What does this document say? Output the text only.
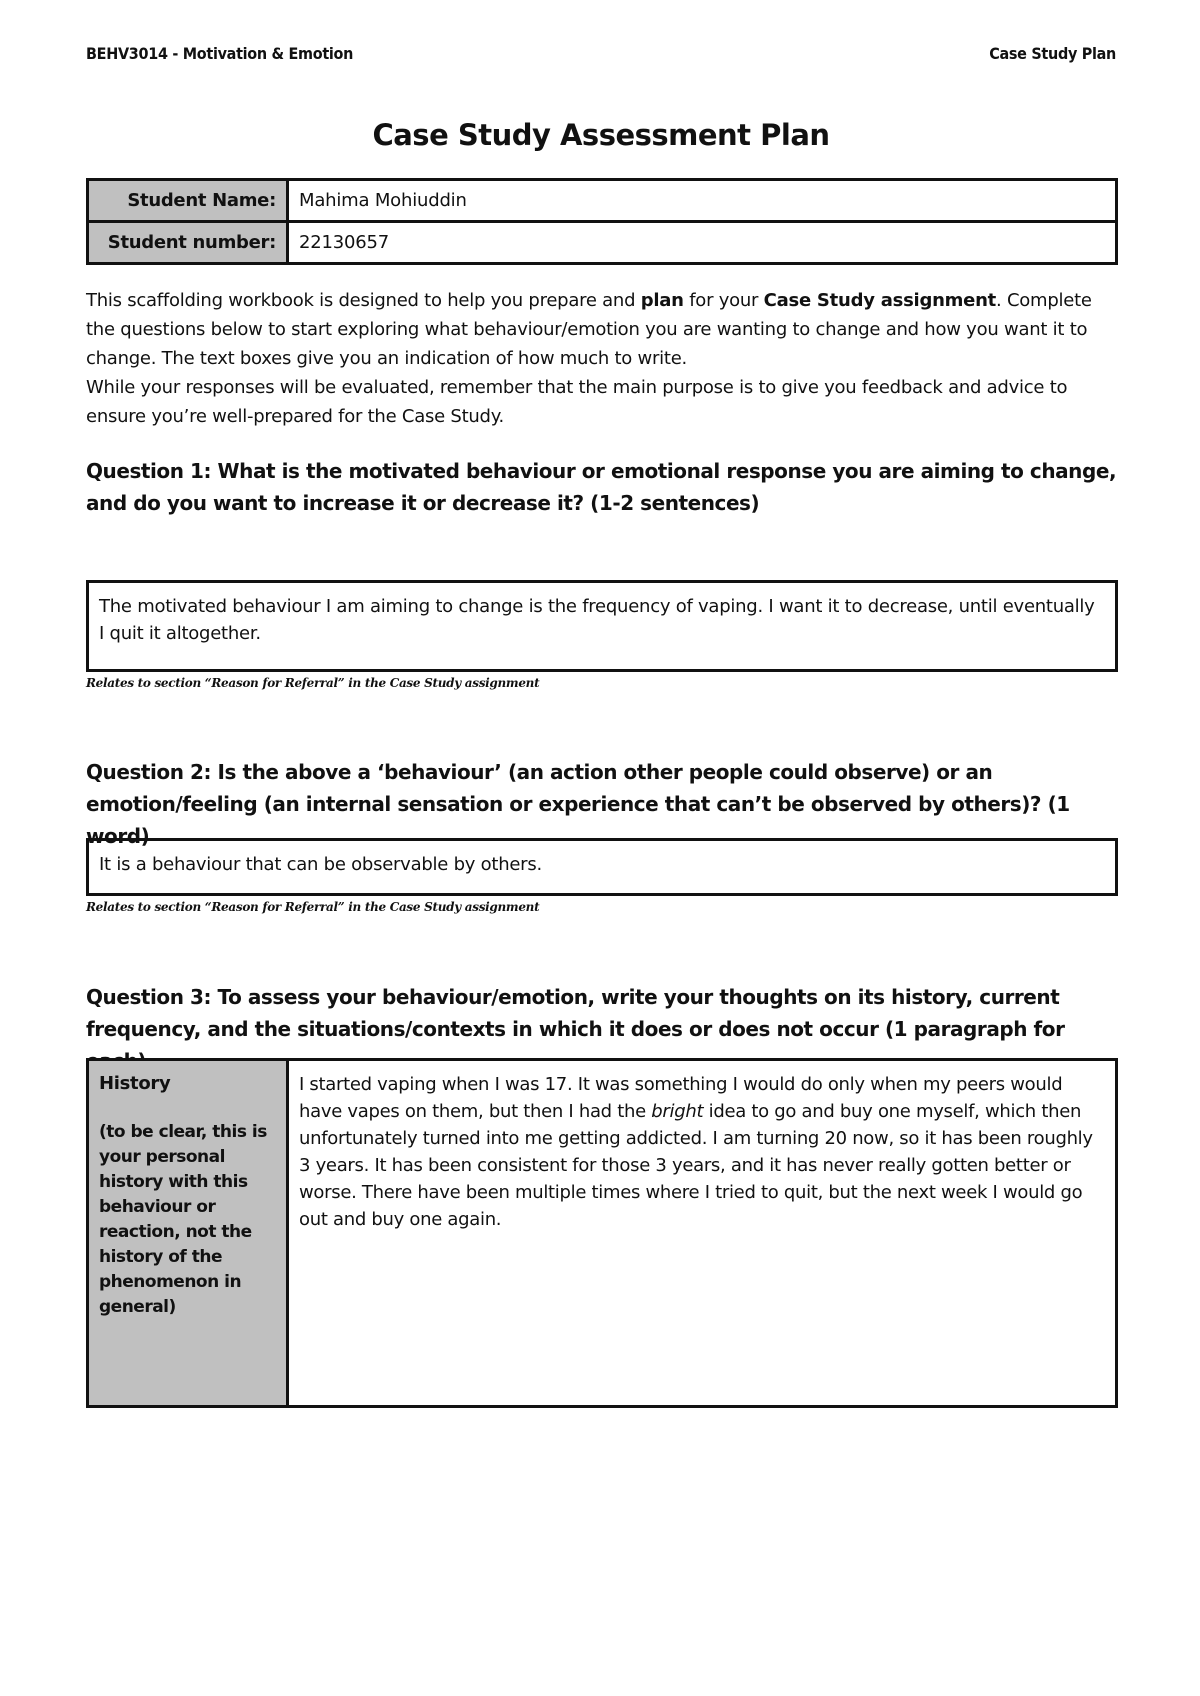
BEHV3014 - Motivation & Emotion	Case Study Plan
Case Study Assessment Plan
Student Name:	Mahima Mohiuddin
Student number:	22130657

This scaffolding workbook is designed to help you prepare and plan for your Case Study assignment. Complete the questions below to start exploring what behaviour/emotion you are wanting to change and how you want it to change. The text boxes give you an indication of how much to write.

While your responses will be evaluated, remember that the main purpose is to give you feedback and advice to ensure you’re well-prepared for the Case Study.

Question 1: What is the motivated behaviour or emotional response you are aiming to change, and do you want to increase it or decrease it? (1-2 sentences)
The motivated behaviour I am aiming to change is the frequency of vaping. I want it to decrease, until eventually I quit it altogether.
Relates to section “Reason for Referral” in the Case Study assignment
Question 2: Is the above a ‘behaviour’ (an action other people could observe) or an emotion/feeling (an internal sensation or experience that can’t be observed by others)? (1 word)
It is a behaviour that can be observable by others.
Relates to section “Reason for Referral” in the Case Study assignment
Question 3: To assess your behaviour/emotion, write your thoughts on its history, current frequency, and the situations/contexts in which it does or does not occur (1 paragraph for
History
(to be clear, this is your personal history with this behaviour or reaction, not the history of the phenomenon in general)
	I started vaping when I was 17. It was something I would do only when my peers would have vapes on them, but then I had the bright idea to go and buy one myself, which then unfortunately turned into me getting addicted. I am turning 20 now, so it has been roughly 3 years. It has been consistent for those 3 years, and it has never really gotten better or worse. There have been multiple times where I tried to quit, but the next week I would go out and buy one again.
